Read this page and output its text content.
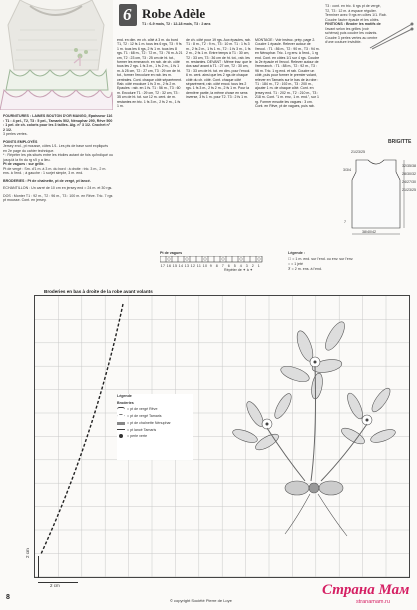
6 Robe Adèle
T1 : 6-9 mois, T2 : 12-18 mois, T3 : 2 ans
FOURNITURES : LAINES BOUTON D'OR MANGO, Epaisseur 116 : T1 : 4 pel., T2, T3 : 5 pel., Tamaris 502, Nénuphar 290, Rêve 500 : 1 pel. de ch. coloris pour les 3 tailles. Aig. n° 3 1/2. Crochet n° 2 1/2.
3 perles vertes.
POINTS EMPLOYÉS
Jersey end., pt mousse, côtes 1/1. Les pts de base sont expliqués en 2e page du cahier technique.
* : Répéter les pts situés entre les étoiles autant de fois qu'indiqué ou jusqu'à la fin du rg s'il y a lieu.
Pt de vagues : sur grille.
Pt de vergé : Sm. d'1 m. à 3 m. du bord : à droite : tric. 3 m., 2 m. ens. à l'end. ; à gauche : 1 surjet simple, 3 m. end.
BRODERIES : Pt de chaînette, pt de vergé, pt lancé.
ECHANTILLON : Un carré de 10 cm en jersey end = 24 m. et 30 rgs.
DOS : Monter T1 : 92 m., T2 : 96 m., T3 : 100 m. en Rêve. Tric. 7 rgs pt mousse. Cont. en jersey.

end. en dim. en ch. côté à 3 m. du bord T1, T2 : 12 fs 1 m. tous les 6 rgs, T3 : 9 fs 1 m. tous les 6 rgs, 2 fs 1 m. tous les 8 rgs. T1 : 68 m., T2 : 72 m., T3 : 76 m. A 21 cm, T2 : 23 cm, T3 : 25 cm de ht. tot., former les emmanch. en rab. de ch. côté tous les 2 rgs. 1 fs 3 m., 1 fs 2 m., 1 fs 1 m. A 25 cm, T2 : 27 cm, T3 : 29 cm de ht. tot., former l'encolure en rab. les m. centrales. Cont. chaque côté séparément. Rab. côté encolure 1 fs 3 m., 2 fs 2 m. Epaules : rab. en 1 fs. T1 : 56 m., T3 : 60 m. Encolure T1 : 29 cm, T2 : 32 cm, T3 : 35 cm de ht. tot. sur 12 m. cent. de m. restantes en tric. 1 fs 3 m., 2 fs 2 m., 1 fs 1 m.

de ch. côté pour 19 rgs. Aux épaules, rab. T1 : 8 m., T2 : 9 m., T3 : 10 m. T1 : 1 fs 3 m., 2 fs 2 m., 1 fs 1 m., T2 : 1 fs 3 m., 1 fs 2 m., 2 fs 1 m. Entre temps à T1 : 30 cm, T2 : 33 cm, T3 : 36 cm de ht. tot., rab. les m. restantes. DEVANT : Même trav. que le dos sauf avant à T1 : 27 cm, T2 : 30 cm, T3 : 33 cm de ht. tot. en dim. pour l'encol. 6 m. cent. ainsi que les 2 rgs de chaque côté du ch. côté. Cont. chaque côté séparément, rab. côté encol. tous les 2 rgs. 1 fs 3 m., 2 fs 2 m., 2 fs 1 m. Pour la dernière partie, la même chose en sens inverse, 3 fs 1 m. pour T2. T3 : 2 fs 1 m.

MONTAGE : Voir instruc. prép. page 2. Coudre 1 épaule. Relever autour de l'encol. : T1 : 86 m., T2 : 90 m., T3 : 94 m. en Nénuphar. Tric. 1 rg env. à l'end., 1 rg end. Cont. en côtes 1/1 sur 4 rgs. Coudre la 2e épaule et l'encol. Relever autour de l'emmanch. : T1 : 88 m., T2 : 92 m., T3 : 96 m. Tric. 1 rg end. et rab. Coudre un côté, puis pour former le premier volant, relever en Tamaris sur le bas de la robe : T1 : 184 m., T2 : 192 m., T3 : 200 m., ajouter 1 m. de chaque côté. Cont. en jersey end. T1 : 202 m., T2 : 210 m., T3 : 218 m. Cont. "1 m. env., 1 m. end.", sur 1 rg. Former ensuite les vagues : 3 cm. Cont. en Rêve, pt de vagues, puis rab.

T3 : cont. en tric. 6 rgs pt de vergé,
T2, T3 : 12 m. à espace régulier.
Terminer avec 9 rgs en côtes 1/1. Rab.
Coudre l'autre épaule et les côtés.
FINITIONS : Broder les motifs de
l'avant selon les grilles (voir
schéma) puis coudre les volants.
Coudre 3 perles vertes au centre
d'une couture invisible.
BRIGITTE
21/23/25
38/40/42
32/35/38
28/30/32
24/27/30
21/23/25
3/3/4
7
Pt de vagues
1716151413121110 9 8 7 6 5 4 3 2 1
Répéter de ✦ à ✦
Légende :
☐ = 1 m. end. sur l'end. ou env. sur l'env.
○ = 1 jeté
⊼ = 2 m. ens. à l'end.
Broderies en bas à droite de la robe avant volants
Légende
Broderies
= pt de vergé Rêve
= pt de vergé Tamaris
= pt de chaînette Nénuphar
= pt lancé Tamaris
= perle verte
2 cm
2 cm
8	© copyright Société Pierre de Loye
Страна Мам
stranamam.ru
